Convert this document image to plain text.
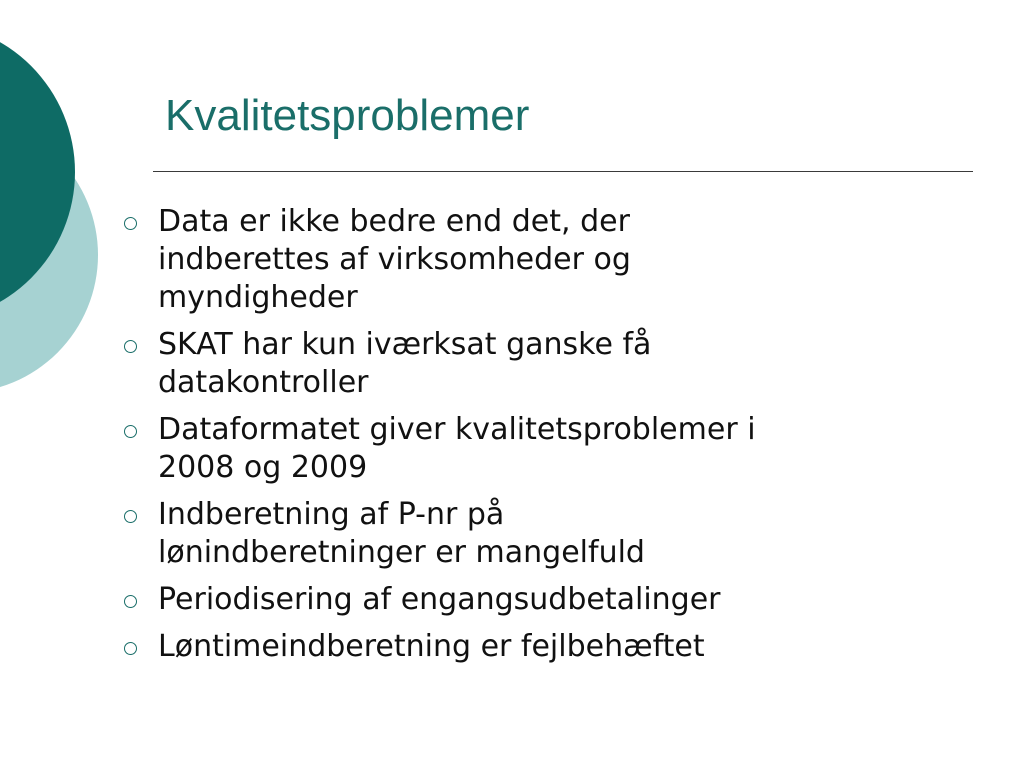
Kvalitetsproblemer
Data er ikke bedre end det, der
indberettes af virksomheder og
myndigheder
SKAT har kun iværksat ganske få
datakontroller
Dataformatet giver kvalitetsproblemer i
2008 og 2009
Indberetning af P-nr på
lønindberetninger er mangelfuld
Periodisering af engangsudbetalinger
Løntimeindberetning er fejlbehæftet
